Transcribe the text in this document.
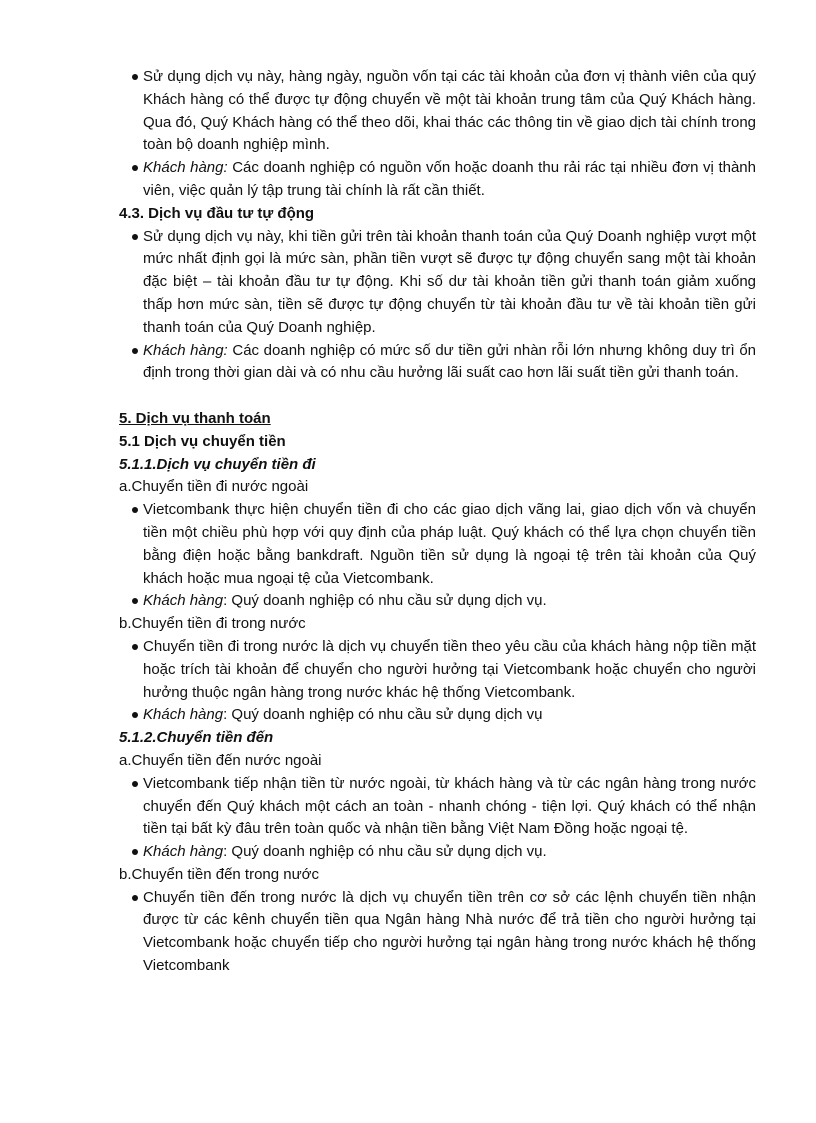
Sử dụng dịch vụ này, hàng ngày, nguồn vốn tại các tài khoản của đơn vị thành viên của quý Khách hàng có thể được tự động chuyển về một tài khoản trung tâm của Quý Khách hàng. Qua đó, Quý Khách hàng có thể theo dõi, khai thác các thông tin về giao dịch tài chính trong toàn bộ doanh nghiệp mình.
Khách hàng: Các doanh nghiệp có nguồn vốn hoặc doanh thu rải rác tại nhiều đơn vị thành viên, việc quản lý tập trung tài chính là rất cần thiết.
4.3. Dịch vụ đầu tư tự động
Sử dụng dịch vụ này, khi tiền gửi trên tài khoản thanh toán của Quý Doanh nghiệp vượt một mức nhất định gọi là mức sàn, phần tiền vượt sẽ được tự động chuyển sang một tài khoản đặc biệt – tài khoản đầu tư tự động. Khi số dư tài khoản tiền gửi thanh toán giảm xuống thấp hơn mức sàn, tiền sẽ được tự động chuyển từ tài khoản đầu tư về tài khoản tiền gửi thanh toán của Quý Doanh nghiệp.
Khách hàng: Các doanh nghiệp có mức số dư tiền gửi nhàn rỗi lớn nhưng không duy trì ổn định trong thời gian dài và có nhu cầu hưởng lãi suất cao hơn lãi suất tiền gửi thanh toán.
5. Dịch vụ thanh toán
5.1 Dịch vụ chuyển tiền
5.1.1.Dịch vụ chuyển tiền đi
a.Chuyển tiền đi nước ngoài
Vietcombank thực hiện chuyển tiền đi cho các giao dịch vãng lai, giao dịch vốn và chuyển tiền một chiều phù hợp với quy định của pháp luật. Quý khách có thể lựa chọn chuyển tiền bằng điện hoặc bằng bankdraft. Nguồn tiền sử dụng là ngoại tệ trên tài khoản của Quý khách hoặc mua ngoại tệ của Vietcombank.
Khách hàng: Quý doanh nghiệp có nhu cầu sử dụng dịch vụ.
b.Chuyển tiền đi trong nước
Chuyển tiền đi trong nước là dịch vụ chuyển tiền theo yêu cầu của khách hàng nộp tiền mặt hoặc trích tài khoản để chuyển cho người hưởng tại Vietcombank hoặc chuyển cho người hưởng thuộc ngân hàng trong nước khác hệ thống Vietcombank.
Khách hàng: Quý doanh nghiệp có nhu cầu sử dụng dịch vụ
5.1.2.Chuyển tiền đến
a.Chuyển tiền đến nước ngoài
Vietcombank tiếp nhận tiền từ nước ngoài, từ khách hàng và từ các ngân hàng trong nước chuyển đến Quý khách một cách an toàn - nhanh chóng - tiện lợi. Quý khách có thể nhận tiền tại bất kỳ đâu trên toàn quốc và nhận tiền bằng Việt Nam Đồng hoặc ngoại tệ.
Khách hàng: Quý doanh nghiệp có nhu cầu sử dụng dịch vụ.
b.Chuyển tiền đến trong nước
Chuyển tiền đến trong nước là dịch vụ chuyển tiền trên cơ sở các lệnh chuyển tiền nhận được từ các kênh chuyển tiền qua Ngân hàng Nhà nước để trả tiền cho người hưởng tại Vietcombank hoặc chuyển tiếp cho người hưởng tại ngân hàng trong nước khách hệ thống Vietcombank
